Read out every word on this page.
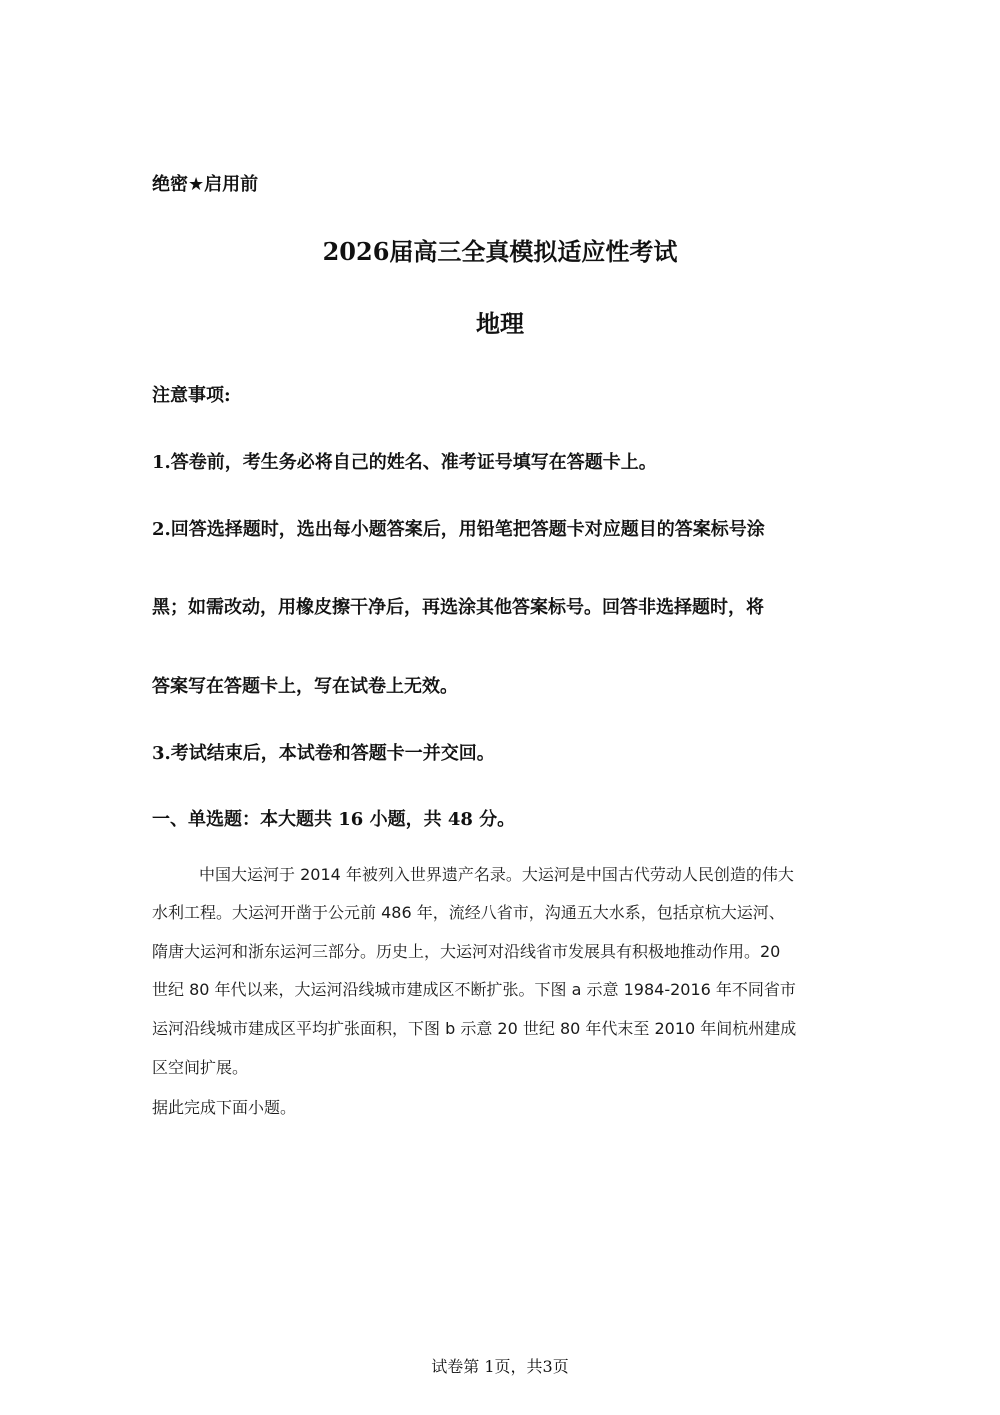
绝密★启用前
2026届高三全真模拟适应性考试
地理
注意事项:
1.答卷前，考生务必将自己的姓名、准考证号填写在答题卡上。
2.回答选择题时，选出每小题答案后，用铅笔把答题卡对应题目的答案标号涂
黑；如需改动，用橡皮擦干净后，再选涂其他答案标号。回答非选择题时，将
答案写在答题卡上，写在试卷上无效。
3.考试结束后，本试卷和答题卡一并交回。
一、单选题：本大题共 16 小题，共 48 分。
中国大运河于 2014 年被列入世界遗产名录。大运河是中国古代劳动人民创造的伟大
水利工程。大运河开凿于公元前 486 年，流经八省市，沟通五大水系，包括京杭大运河、
隋唐大运河和浙东运河三部分。历史上，大运河对沿线省市发展具有积极地推动作用。20
世纪 80 年代以来，大运河沿线城市建成区不断扩张。下图 a 示意 1984-2016 年不同省市
运河沿线城市建成区平均扩张面积，下图 b 示意 20 世纪 80 年代末至 2010 年间杭州建成
区空间扩展。
据此完成下面小题。
试卷第 1页，共3页
